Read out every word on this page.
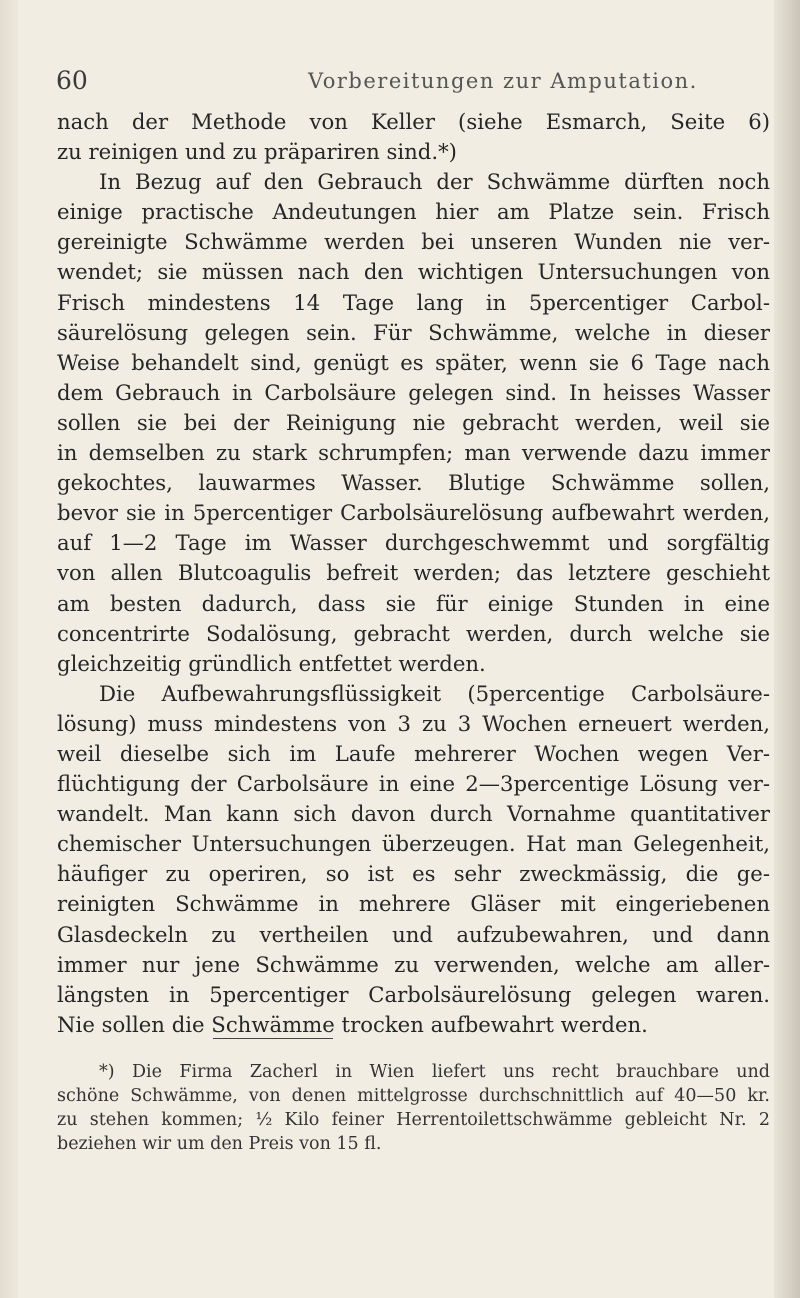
60	Vorbereitungen zur Amputation.
nach der Methode von Keller (siehe Esmarch, Seite 6)
zu reinigen und zu präpariren sind.*)
In Bezug auf den Gebrauch der Schwämme dürften noch
einige practische Andeutungen hier am Platze sein. Frisch
gereinigte Schwämme werden bei unseren Wunden nie ver-
wendet; sie müssen nach den wichtigen Untersuchungen von
Frisch mindestens 14 Tage lang in 5percentiger Carbol-
säurelösung gelegen sein. Für Schwämme, welche in dieser
Weise behandelt sind, genügt es später, wenn sie 6 Tage nach
dem Gebrauch in Carbolsäure gelegen sind. In heisses Wasser
sollen sie bei der Reinigung nie gebracht werden, weil sie
in demselben zu stark schrumpfen; man verwende dazu immer
gekochtes, lauwarmes Wasser. Blutige Schwämme sollen,
bevor sie in 5percentiger Carbolsäurelösung aufbewahrt werden,
auf 1—2 Tage im Wasser durchgeschwemmt und sorgfältig
von allen Blutcoagulis befreit werden; das letztere geschieht
am besten dadurch, dass sie für einige Stunden in eine
concentrirte Sodalösung, gebracht werden, durch welche sie
gleichzeitig gründlich entfettet werden.
Die Aufbewahrungsflüssigkeit (5percentige Carbolsäure-
lösung) muss mindestens von 3 zu 3 Wochen erneuert werden,
weil dieselbe sich im Laufe mehrerer Wochen wegen Ver-
flüchtigung der Carbolsäure in eine 2—3percentige Lösung ver-
wandelt. Man kann sich davon durch Vornahme quantitativer
chemischer Untersuchungen überzeugen. Hat man Gelegenheit,
häufiger zu operiren, so ist es sehr zweckmässig, die ge-
reinigten Schwämme in mehrere Gläser mit eingeriebenen
Glasdeckeln zu vertheilen und aufzubewahren, und dann
immer nur jene Schwämme zu verwenden, welche am aller-
längsten in 5percentiger Carbolsäurelösung gelegen waren.
Nie sollen die Schwämme trocken aufbewahrt werden.
*) Die Firma Zacherl in Wien liefert uns recht brauchbare und
schöne Schwämme, von denen mittelgrosse durchschnittlich auf 40—50 kr.
zu stehen kommen; ½ Kilo feiner Herrentoilettschwämme gebleicht Nr. 2
beziehen wir um den Preis von 15 fl.
